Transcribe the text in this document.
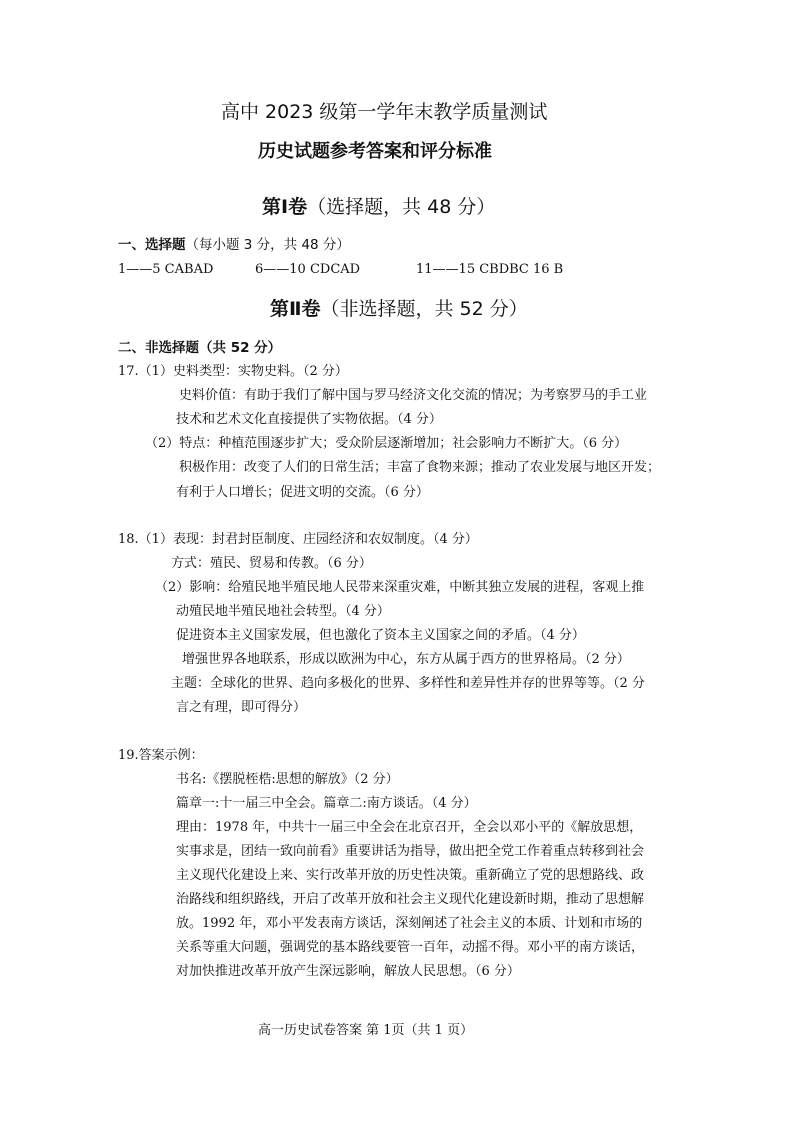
高中 2023 级第一学年末教学质量测试
历史试题参考答案和评分标准
第Ⅰ卷（选择题，共 48 分）
一、选择题（每小题 3 分，共 48 分）
1——5 CABAD	6——10 CDCAD	11——15 CBDBC 16 B
第Ⅱ卷（非选择题，共 52 分）
二、非选择题（共 52 分）
17.（1）史料类型：实物史料。（2 分）
史料价值：有助于我们了解中国与罗马经济文化交流的情况；为考察罗马的手工业
技术和艺术文化直接提供了实物依据。（4 分）
（2）特点：种植范围逐步扩大；受众阶层逐渐增加；社会影响力不断扩大。（6 分）
积极作用：改变了人们的日常生活；丰富了食物来源；推动了农业发展与地区开发；
有利于人口增长；促进文明的交流。（6 分）
18.（1）表现：封君封臣制度、庄园经济和农奴制度。（4 分）
方式：殖民、贸易和传教。（6 分）
（2）影响：给殖民地半殖民地人民带来深重灾难，中断其独立发展的进程，客观上推
动殖民地半殖民地社会转型。（4 分）
促进资本主义国家发展，但也激化了资本主义国家之间的矛盾。（4 分）
增强世界各地联系，形成以欧洲为中心，东方从属于西方的世界格局。（2 分）
主题：全球化的世界、趋向多极化的世界、多样性和差异性并存的世界等等。（2 分
言之有理，即可得分）
19.答案示例：
书名:《摆脱桎梏:思想的解放》（2 分）
篇章一:十一届三中全会。篇章二:南方谈话。（4 分）
理由：1978 年，中共十一届三中全会在北京召开，全会以邓小平的《解放思想，
实事求是，团结一致向前看》重要讲话为指导，做出把全党工作着重点转移到社会
主义现代化建设上来、实行改革开放的历史性决策。重新确立了党的思想路线、政
治路线和组织路线，开启了改革开放和社会主义现代化建设新时期，推动了思想解
放。1992 年，邓小平发表南方谈话，深刻阐述了社会主义的本质、计划和市场的
关系等重大问题，强调党的基本路线要管一百年，动摇不得。邓小平的南方谈话，
对加快推进改革开放产生深远影响，解放人民思想。（6 分）
高一历史试卷答案 第 1页（共 1 页）
